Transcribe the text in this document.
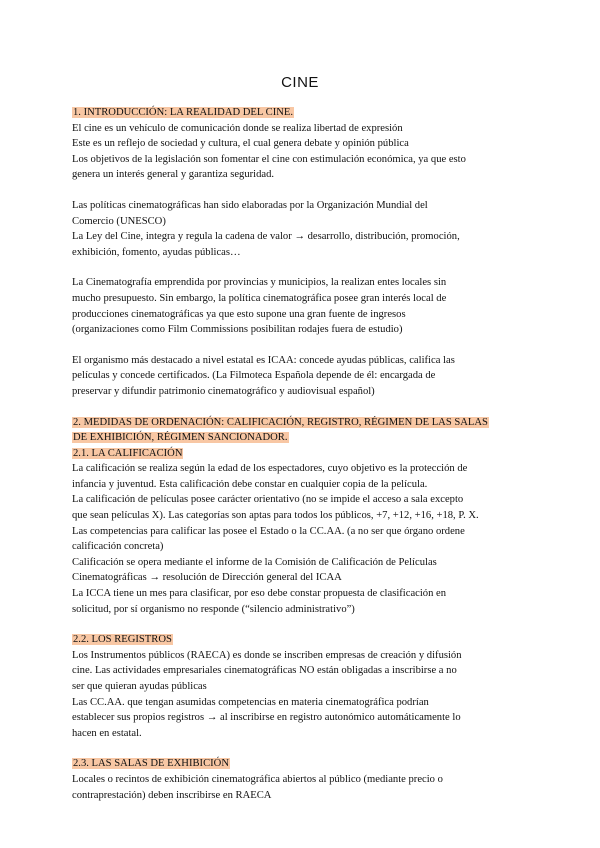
CINE
1. INTRODUCCIÓN: LA REALIDAD DEL CINE.
El cine es un vehículo de comunicación donde se realiza libertad de expresión
Este es un reflejo de sociedad y cultura, el cual genera debate y opinión pública
Los objetivos de la legislación son fomentar el cine con estimulación económica, ya que esto
genera un interés general y garantiza seguridad.
Las políticas cinematográficas han sido elaboradas por la Organización Mundial del
Comercio (UNESCO)
La Ley del Cine, integra y regula la cadena de valor → desarrollo, distribución, promoción,
exhibición, fomento, ayudas públicas…
La Cinematografía emprendida por provincias y municipios, la realizan entes locales sin
mucho presupuesto. Sin embargo, la política cinematográfica posee gran interés local de
producciones cinematográficas ya que esto supone una gran fuente de ingresos
(organizaciones como Film Commissions posibilitan rodajes fuera de estudio)
El organismo más destacado a nivel estatal es ICAA: concede ayudas públicas, califica las
películas y concede certificados. (La Filmoteca Española depende de él: encargada de
preservar y difundir patrimonio cinematográfico y audiovisual español)
2. MEDIDAS DE ORDENACIÓN: CALIFICACIÓN, REGISTRO, RÉGIMEN DE LAS SALAS
DE EXHIBICIÓN, RÉGIMEN SANCIONADOR.
2.1. LA CALIFICACIÓN
La calificación se realiza según la edad de los espectadores, cuyo objetivo es la protección de
infancia y juventud. Esta calificación debe constar en cualquier copia de la película.
La calificación de películas posee carácter orientativo (no se impide el acceso a sala excepto
que sean películas X). Las categorías son aptas para todos los públicos, +7, +12, +16, +18, P. X.
Las competencias para calificar las posee el Estado o la CC.AA. (a no ser que órgano ordene
calificación concreta)
Calificación se opera mediante el informe de la Comisión de Calificación de Películas
Cinematográficas → resolución de Dirección general del ICAA
La ICCA tiene un mes para clasificar, por eso debe constar propuesta de clasificación en
solicitud, por sí organismo no responde (“silencio administrativo”)
2.2. LOS REGISTROS
Los Instrumentos públicos (RAECA) es donde se inscriben empresas de creación y difusión
cine. Las actividades empresariales cinematográficas NO están obligadas a inscribirse a no
ser que quieran ayudas públicas
Las CC.AA. que tengan asumidas competencias en materia cinematográfica podrían
establecer sus propios registros → al inscribirse en registro autonómico automáticamente lo
hacen en estatal.
2.3. LAS SALAS DE EXHIBICIÓN
Locales o recintos de exhibición cinematográfica abiertos al público (mediante precio o
contraprestación) deben inscribirse en RAECA
